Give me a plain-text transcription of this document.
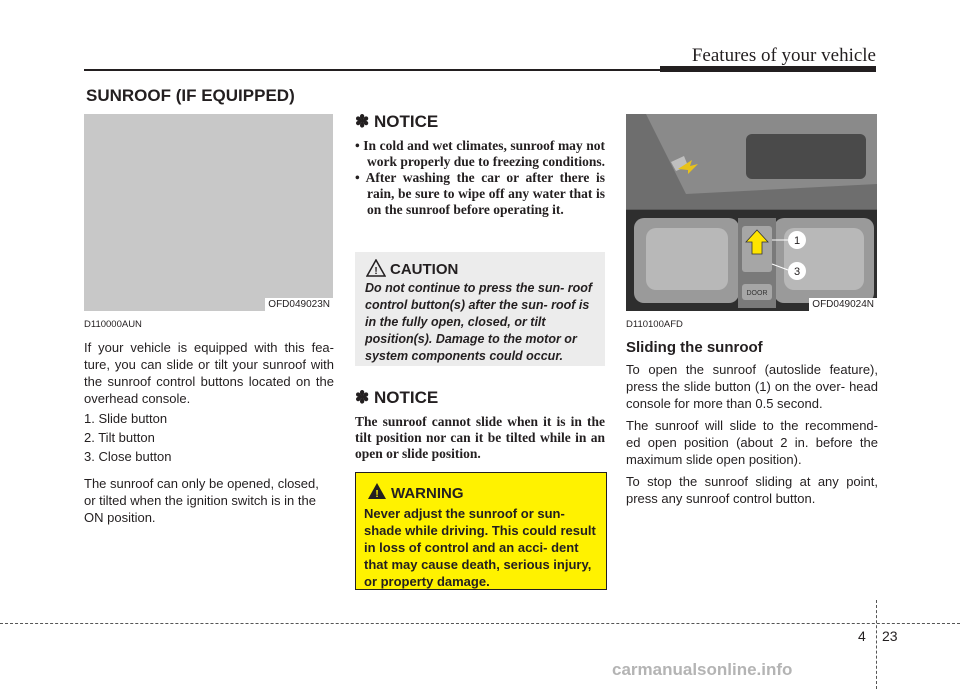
Features of your vehicle
SUNROOF (IF EQUIPPED)
OFD049023N
D110000AUN
If your vehicle is equipped with this fea- ture, you can slide or tilt your sunroof with the sunroof control buttons located on the overhead console.
1. Slide button
2. Tilt button
3. Close button
The sunroof can only be opened, closed, or tilted when the ignition switch is in the ON position.
✽ NOTICE
• In cold and wet climates, sunroof may not work properly due to freezing conditions.
• After washing the car or after there is rain, be sure to wipe off any water that is on the sunroof before operating it.
! CAUTION
Do not continue to press the sun- roof control button(s) after the sun- roof is in the fully open, closed, or tilt position(s). Damage to the motor or system components could occur.
✽ NOTICE
The sunroof cannot slide when it is in the tilt position nor can it be tilted while in an open or slide position.
! WARNING
Never adjust the sunroof or sun- shade while driving. This could result in loss of control and an acci- dent that may cause death, serious injury, or property damage.
DOOR
1
3
OFD049024N
D110100AFD
Sliding the sunroof
To open the sunroof (autoslide feature), press the slide button (1) on the over- head console for more than 0.5 second.
The sunroof will slide to the recommend- ed open position (about 2 in. before the maximum slide open position).
To stop the sunroof sliding at any point, press any sunroof control button.
4 23
carmanualsonline.info
